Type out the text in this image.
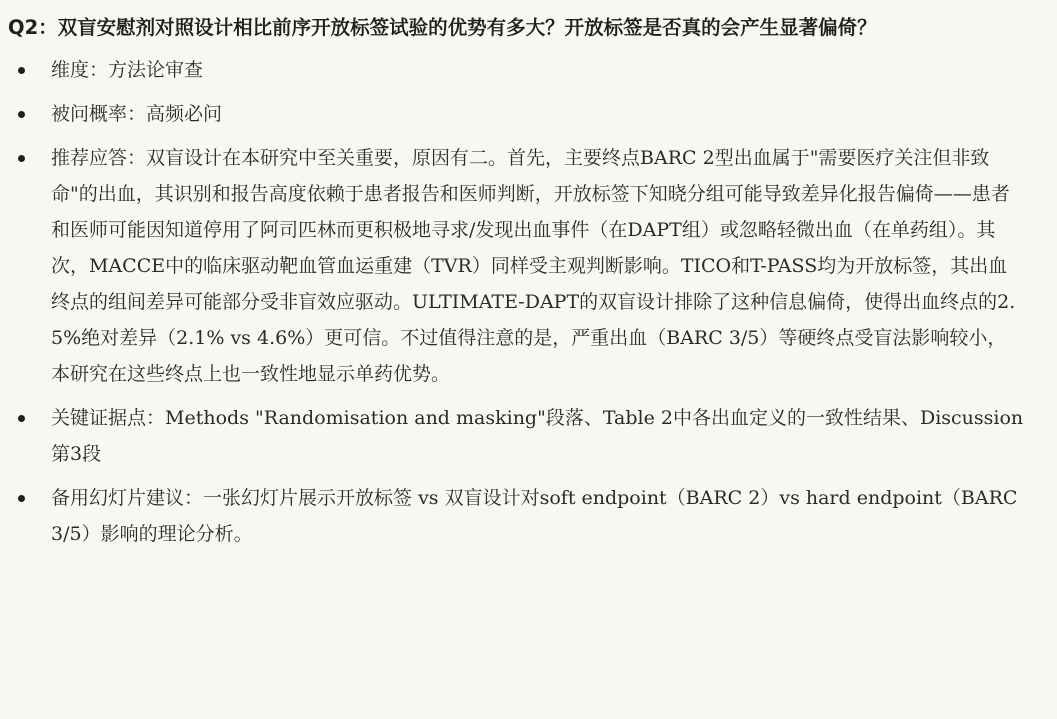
Q2：双盲安慰剂对照设计相比前序开放标签试验的优势有多大？开放标签是否真的会产生显著偏倚？
维度：方法论审查
被问概率：高频必问
推荐应答：双盲设计在本研究中至关重要，原因有二。首先，主要终点BARC 2型出血属于"需要医疗关注但非致命"的出血，其识别和报告高度依赖于患者报告和医师判断，开放标签下知晓分组可能导致差异化报告偏倚——患者和医师可能因知道停用了阿司匹林而更积极地寻求/发现出血事件（在DAPT组）或忽略轻微出血（在单药组）。其次，MACCE中的临床驱动靶血管血运重建（TVR）同样受主观判断影响。TICO和T-PASS均为开放标签，其出血终点的组间差异可能部分受非盲效应驱动。ULTIMATE-DAPT的双盲设计排除了这种信息偏倚，使得出血终点的2.5%绝对差异（2.1% vs 4.6%）更可信。不过值得注意的是，严重出血（BARC 3/5）等硬终点受盲法影响较小，本研究在这些终点上也一致性地显示单药优势。
关键证据点：Methods "Randomisation and masking"段落、Table 2中各出血定义的一致性结果、Discussion第3段
备用幻灯片建议：一张幻灯片展示开放标签 vs 双盲设计对soft endpoint（BARC 2）vs hard endpoint（BARC 3/5）影响的理论分析。
